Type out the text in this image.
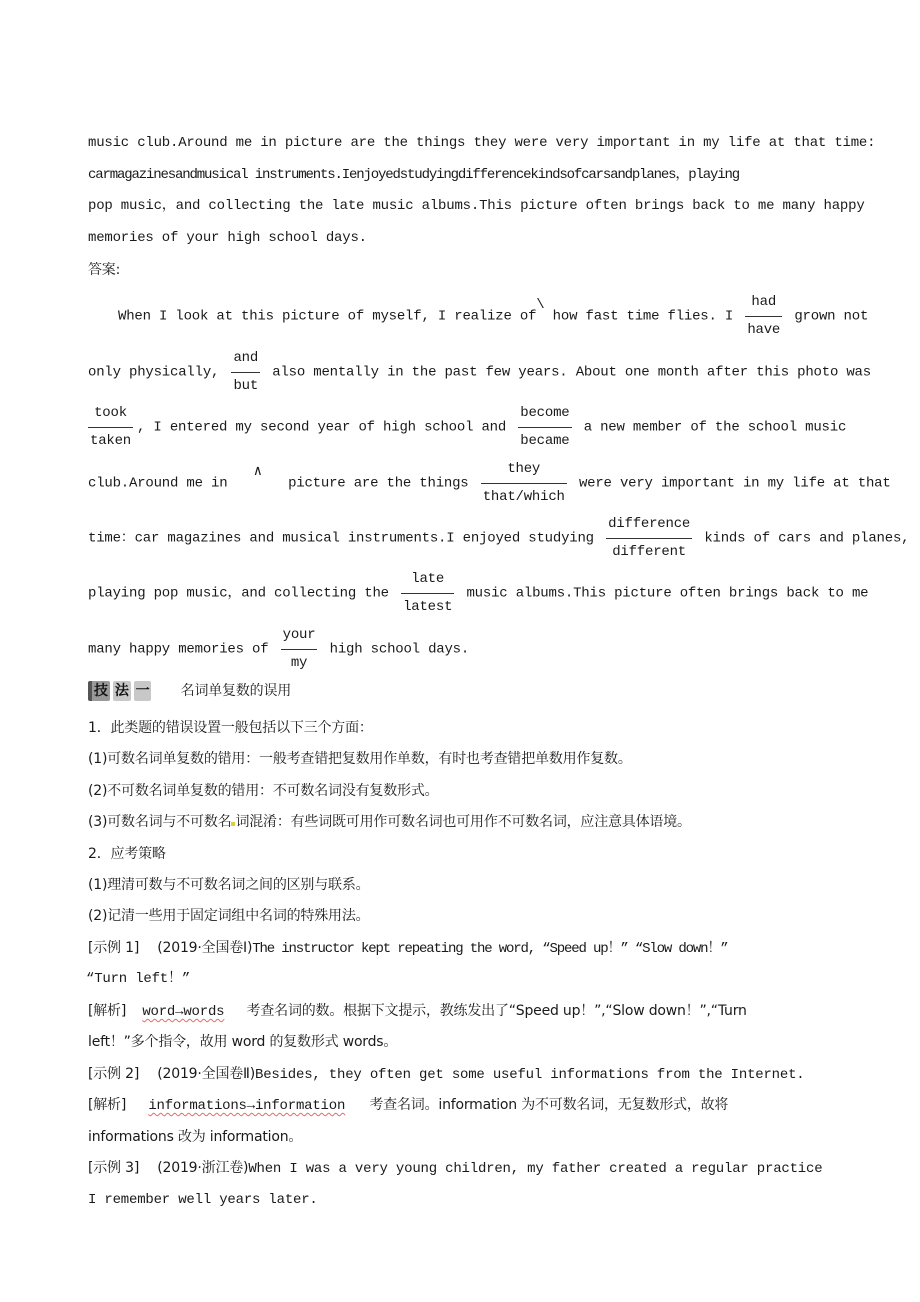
music club.Around me in picture are the things they were very important in my life at that time:
carmagazinesandmusical instruments.Ienjoyedstudyingdifferencekindsofcarsandplanes，playing
pop music，and collecting the late music albums.This picture often brings back to me many happy
memories of your high school days.
答案:
When I look at this picture of myself, I realize of\ how fast time flies. I $\frac{\text{had}}{\text{have}}$ grown not
only physically, $\frac{\text{and}}{\text{but}}$ also mentally in the past few years. About one month after this photo was
$\frac{\text{took}}{\text{taken}}$ , I entered my second year of high school and $\frac{\text{become}}{\text{became}}$ a new member of the school music
club.Around me in ∧ picture are the things $\frac{\text{they}}{\text{that/which}}$ were very important in my life at that
time：car magazines and musical instruments.I enjoyed studying $\frac{\text{difference}}{\text{different}}$ kinds of cars and planes,
playing pop music，and collecting the $\frac{\text{late}}{\text{latest}}$ music albums.This picture often brings back to me
many happy memories of $\frac{\text{your}}{my}$ high school days.
技 法 一 名词单复数的误用
1．此类题的错误设置一般包括以下三个方面：
(1)可数名词单复数的错用：一般考查错把复数用作单数，有时也考查错把单数用作复数。
(2)不可数名词单复数的错用：不可数名词没有复数形式。
(3)可数名词与不可数名 词混淆：有些词既可用作可数名词也可用作不可数名词，应注意具体语境。
2．应考策略
(1)理清可数与不可数名词之间的区别与联系。
(2)记清一些用于固定词组中名词的特殊用法。
[示例 1] (2019·全国卷Ⅰ)The instructor kept repeating the word, “Speed up！” “Slow down！”
“Turn left！”
[解析] word→words 考查名词的数。根据下文提示，教练发出了“Speed up！”,“Slow down！”,“Turn
left！”多个指令，故用 word 的复数形式 words。
[示例 2] (2019·全国卷Ⅱ)Besides, they often get some useful informations from the Internet.
[解析] informations→information 考查名词。information 为不可数名词，无复数形式，故将
informations 改为 information。
[示例 3] (2019·浙江卷)When I was a very young children, my father created a regular practice
I remember well years later.
